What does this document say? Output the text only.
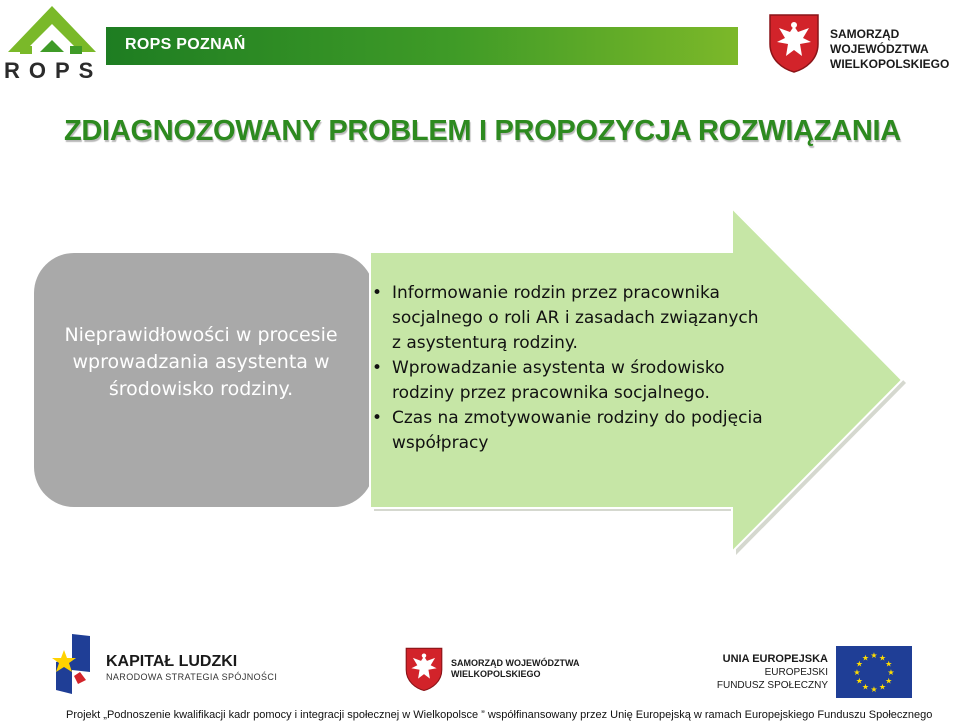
ROPS
ROPS POZNAŃ
SAMORZĄD WOJEWÓDZTWA
WIELKOPOLSKIEGO
ZDIAGNOZOWANY PROBLEM I PROPOZYCJA ROZWIĄZANIA
Nieprawidłowości w procesie wprowadzania asystenta w środowisko rodziny.
• Informowanie rodzin przez pracownika socjalnego o roli AR i zasadach związanych z asystenturą rodziny.
• Wprowadzanie asystenta w środowisko rodziny przez pracownika socjalnego.
• Czas na zmotywowanie rodziny do podjęcia współpracy
KAPITAŁ LUDZKI
NARODOWA STRATEGIA SPÓJNOŚCI
SAMORZĄD WOJEWÓDZTWA
WIELKOPOLSKIEGO
UNIA EUROPEJSKA
EUROPEJSKI
FUNDUSZ SPOŁECZNY
★
★
★
★
★
★
★
★
★ ★ ★
★
Projekt „Podnoszenie kwalifikacji kadr pomocy i integracji społecznej w Wielkopolsce ” współfinansowany przez Unię Europejską w ramach Europejskiego Funduszu Społecznego
